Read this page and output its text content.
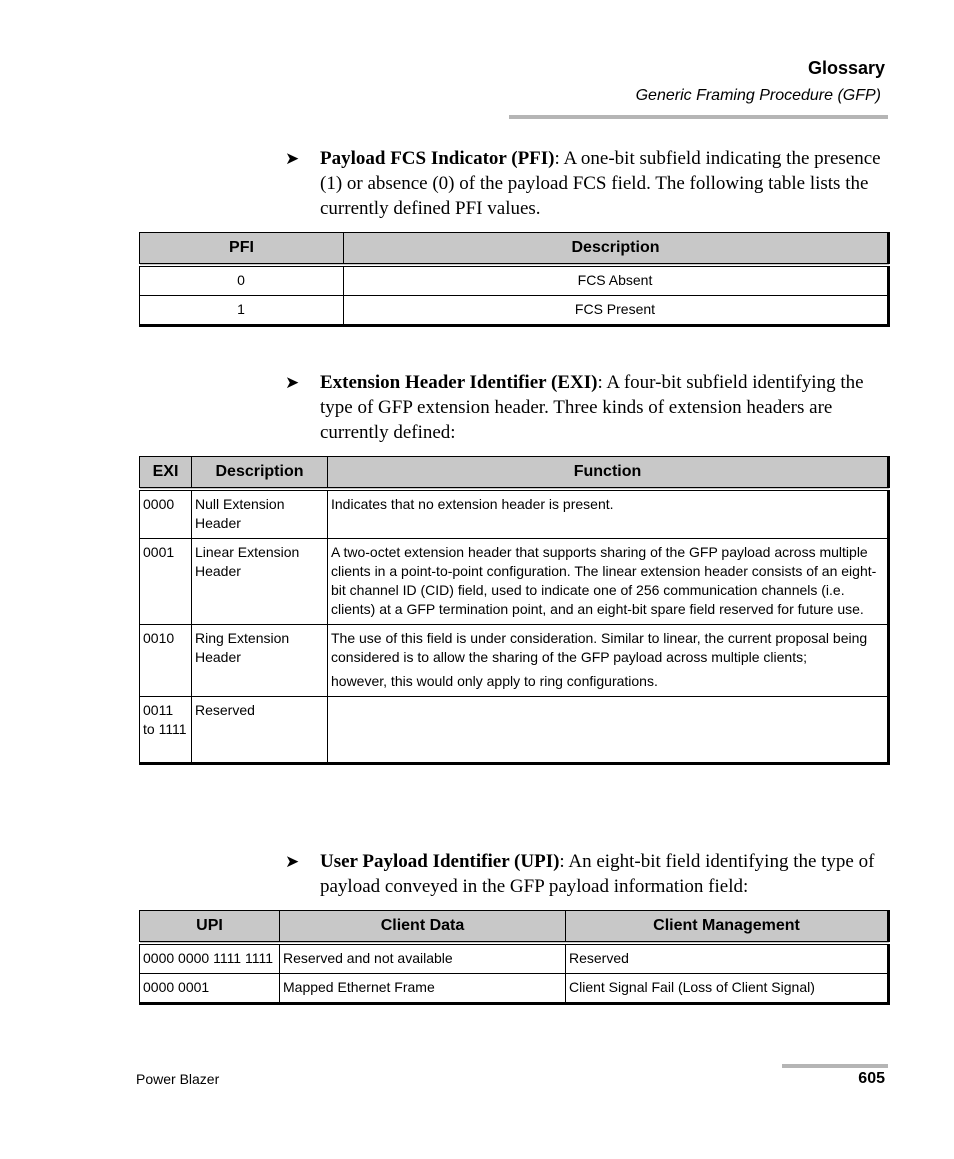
Glossary
Generic Framing Procedure (GFP)
➤ Payload FCS Indicator (PFI): A one-bit subfield indicating the presence (1) or absence (0) of the payload FCS field. The following table lists the currently defined PFI values.
PFI	Description
0	FCS Absent
1	FCS Present
➤ Extension Header Identifier (EXI): A four-bit subfield identifying the type of GFP extension header. Three kinds of extension headers are currently defined:
EXI	Description	Function
0000	Null Extension Header	Indicates that no extension header is present.

0001	Linear Extension Header	A two-octet extension header that supports sharing of the GFP payload across multiple clients in a point-to-point configuration. The linear extension header consists of an eight-bit channel ID (CID) field, used to indicate one of 256 communication channels (i.e. clients) at a GFP termination point, and an eight-bit spare field reserved for future use.

0010	Ring Extension Header	The use of this field is under consideration. Similar to linear, the current proposal being considered is to allow the sharing of the GFP payload across multiple clients;
however, this would only apply to ring configurations.

0011 to 1111	Reserved	
➤ User Payload Identifier (UPI): An eight-bit field identifying the type of payload conveyed in the GFP payload information field:
UPI	Client Data	Client Management
0000 0000 1111 1111	Reserved and not available	Reserved
0000 0001	Mapped Ethernet Frame	Client Signal Fail (Loss of Client Signal)
Power Blazer	605
